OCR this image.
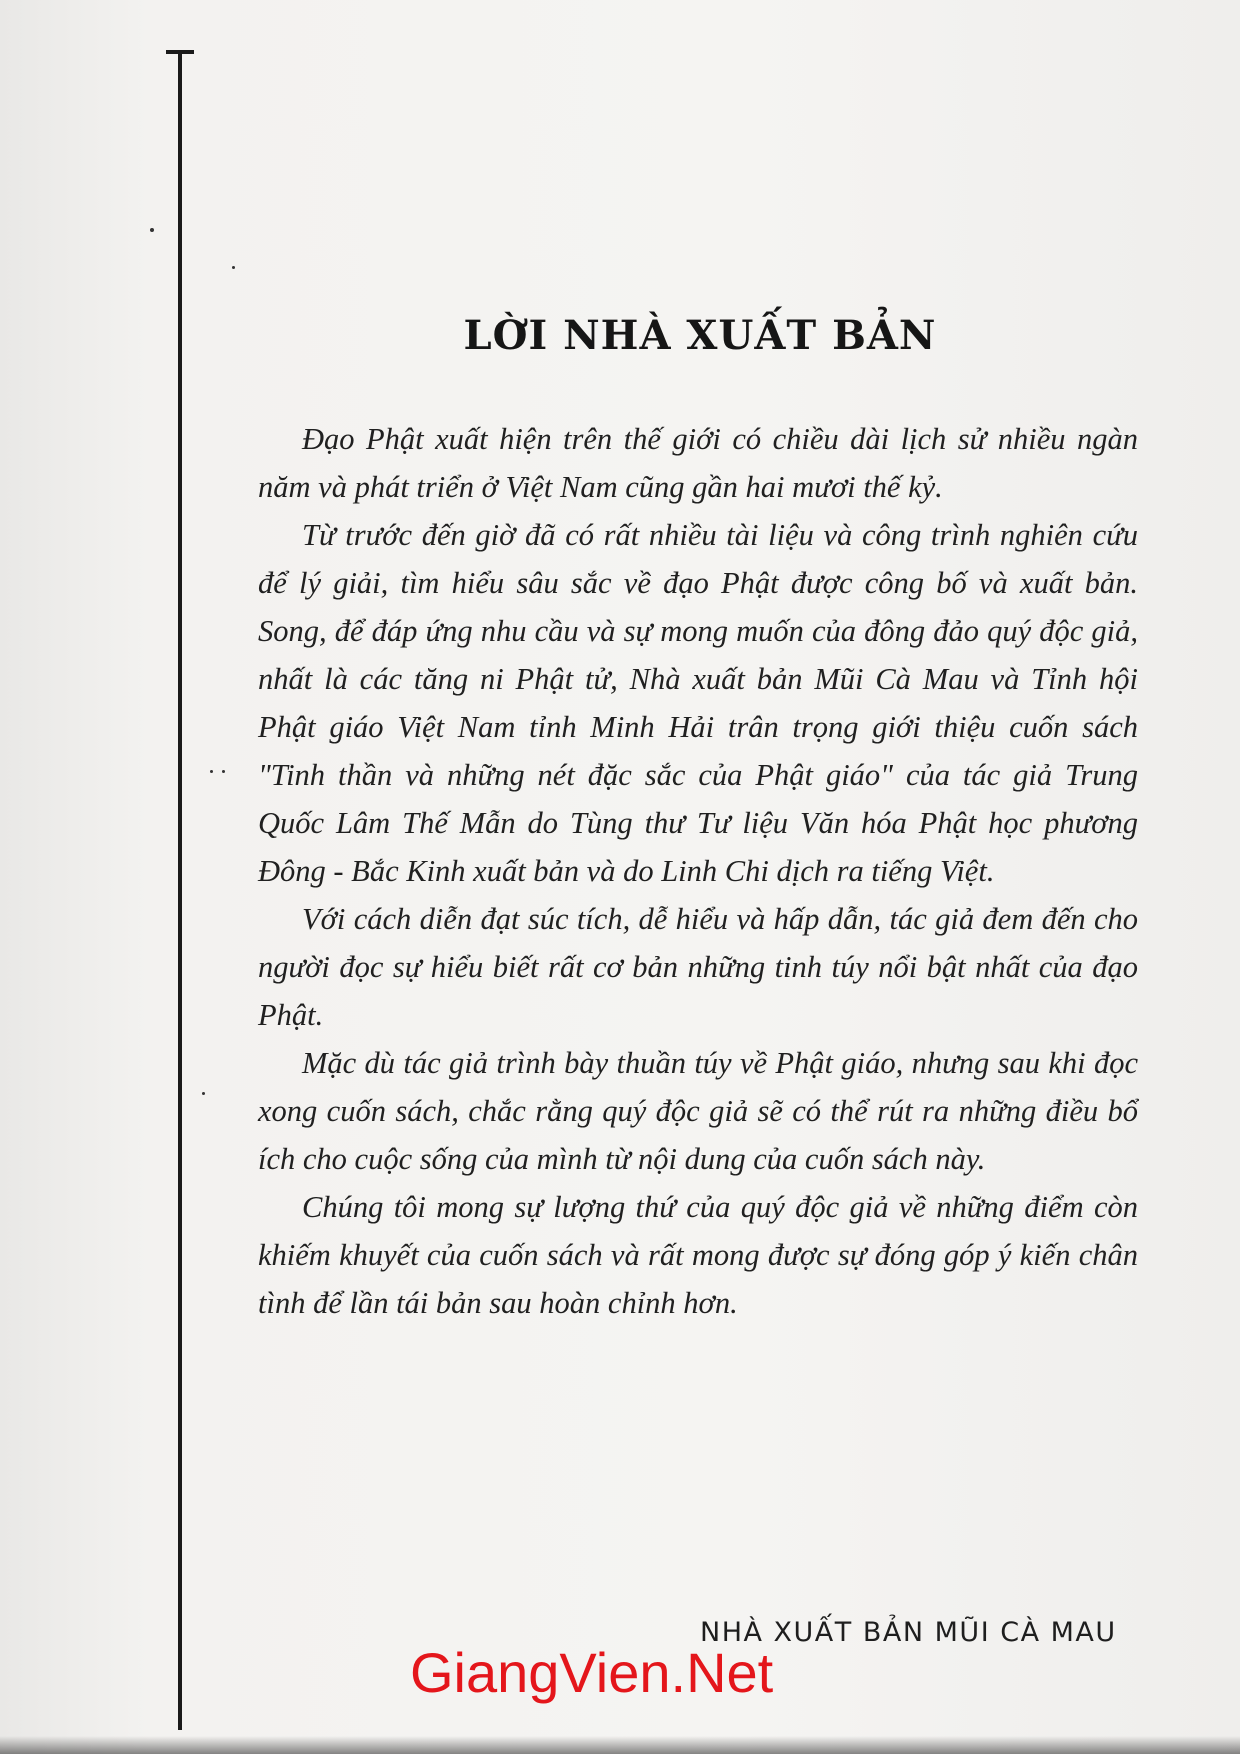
LỜI NHÀ XUẤT BẢN

Đạo Phật xuất hiện trên thế giới có chiều dài lịch sử nhiều ngàn năm và phát triển ở Việt Nam cũng gần hai mươi thế kỷ.

Từ trước đến giờ đã có rất nhiều tài liệu và công trình nghiên cứu để lý giải, tìm hiểu sâu sắc về đạo Phật được công bố và xuất bản. Song, để đáp ứng nhu cầu và sự mong muốn của đông đảo quý độc giả, nhất là các tăng ni Phật tử, Nhà xuất bản Mũi Cà Mau và Tỉnh hội Phật giáo Việt Nam tỉnh Minh Hải trân trọng giới thiệu cuốn sách "Tinh thần và những nét đặc sắc của Phật giáo" của tác giả Trung Quốc Lâm Thế Mẫn do Tùng thư Tư liệu Văn hóa Phật học phương Đông - Bắc Kinh xuất bản và do Linh Chi dịch ra tiếng Việt.

Với cách diễn đạt súc tích, dễ hiểu và hấp dẫn, tác giả đem đến cho người đọc sự hiểu biết rất cơ bản những tinh túy nổi bật nhất của đạo Phật.

Mặc dù tác giả trình bày thuần túy về Phật giáo, nhưng sau khi đọc xong cuốn sách, chắc rằng quý độc giả sẽ có thể rút ra những điều bổ ích cho cuộc sống của mình từ nội dung của cuốn sách này.

Chúng tôi mong sự lượng thứ của quý độc giả về những điểm còn khiếm khuyết của cuốn sách và rất mong được sự đóng góp ý kiến chân tình để lần tái bản sau hoàn chỉnh hơn.

NHÀ XUẤT BẢN MŨI CÀ MAU
GiangVien.Net
